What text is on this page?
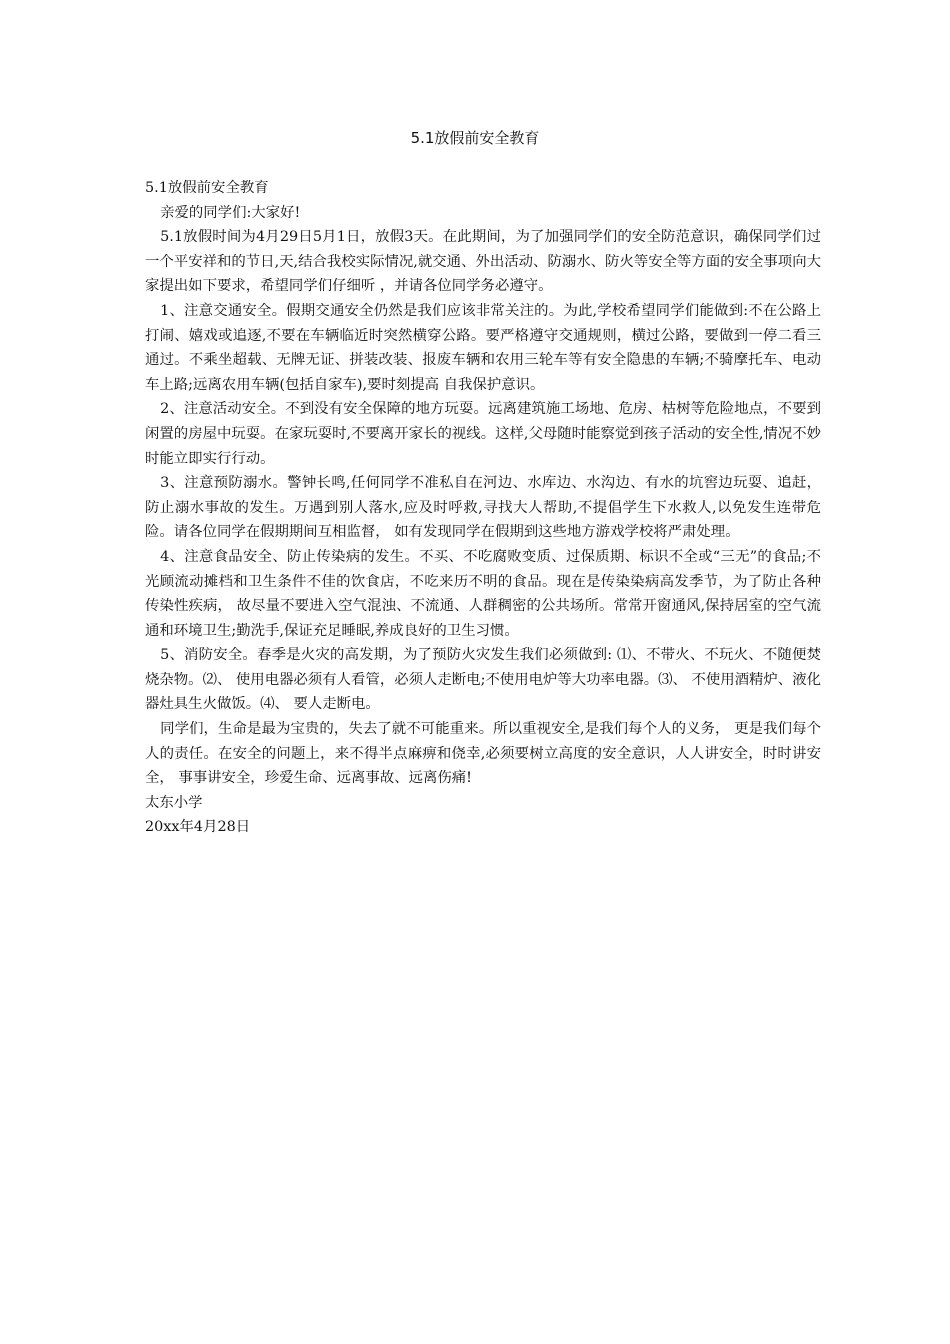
5.1放假前安全教育

5.1放假前安全教育

亲爱的同学们:大家好!

5.1放假时间为4月29日5月1日，放假3天。在此期间，为了加强同学们的安全防范意识，确保同学们过一个平安祥和的节日,天,结合我校实际情况,就交通、外出活动、防溺水、防火等安全等方面的安全事项向大家提出如下要求，希望同学们仔细听 ，并请各位同学务必遵守。

1、注意交通安全。假期交通安全仍然是我们应该非常关注的。为此,学校希望同学们能做到:不在公路上打闹、嬉戏或追逐,不要在车辆临近时突然横穿公路。要严格遵守交通规则，横过公路，要做到一停二看三通过。不乘坐超载、无牌无证、拼装改装、报废车辆和农用三轮车等有安全隐患的车辆;不骑摩托车、电动车上路;远离农用车辆(包括自家车),要时刻提高 自我保护意识。

2、注意活动安全。不到没有安全保障的地方玩耍。远离建筑施工场地、危房、枯树等危险地点，不要到闲置的房屋中玩耍。在家玩耍时,不要离开家长的视线。这样,父母随时能察觉到孩子活动的安全性,情况不妙时能立即实行行动。

3、注意预防溺水。警钟长鸣,任何同学不准私自在河边、水库边、水沟边、有水的坑窖边玩耍、追赶，防止溺水事故的发生。万遇到别人落水,应及时呼救,寻找大人帮助,不提倡学生下水救人,以免发生连带危险。请各位同学在假期期间互相监督， 如有发现同学在假期到这些地方游戏学校将严肃处理。

4、注意食品安全、防止传染病的发生。不买、不吃腐败变质、过保质期、标识不全或“三无”的食品;不光顾流动摊档和卫生条件不佳的饮食店，不吃来历不明的食品。现在是传染染病高发季节，为了防止各种传染性疾病， 故尽量不要进入空气混浊、不流通、人群稠密的公共场所。常常开窗通风,保持居室的空气流通和环境卫生;勤洗手,保证充足睡眠,养成良好的卫生习惯。

5、消防安全。春季是火灾的高发期，为了预防火灾发生我们必须做到: ⑴、不带火、不玩火、不随便焚烧杂物。⑵、 使用电器必须有人看管，必须人走断电;不使用电炉等大功率电器。⑶、 不使用酒精炉、液化器灶具生火做饭。⑷、 要人走断电。

同学们，生命是最为宝贵的，失去了就不可能重来。所以重视安全,是我们每个人的义务， 更是我们每个人的责任。在安全的问题上，来不得半点麻痹和侥幸,必须要树立高度的安全意识，人人讲安全，时时讲安全， 事事讲安全，珍爱生命、远离事故、远离伤痛!

太东小学

20xx年4月28日
